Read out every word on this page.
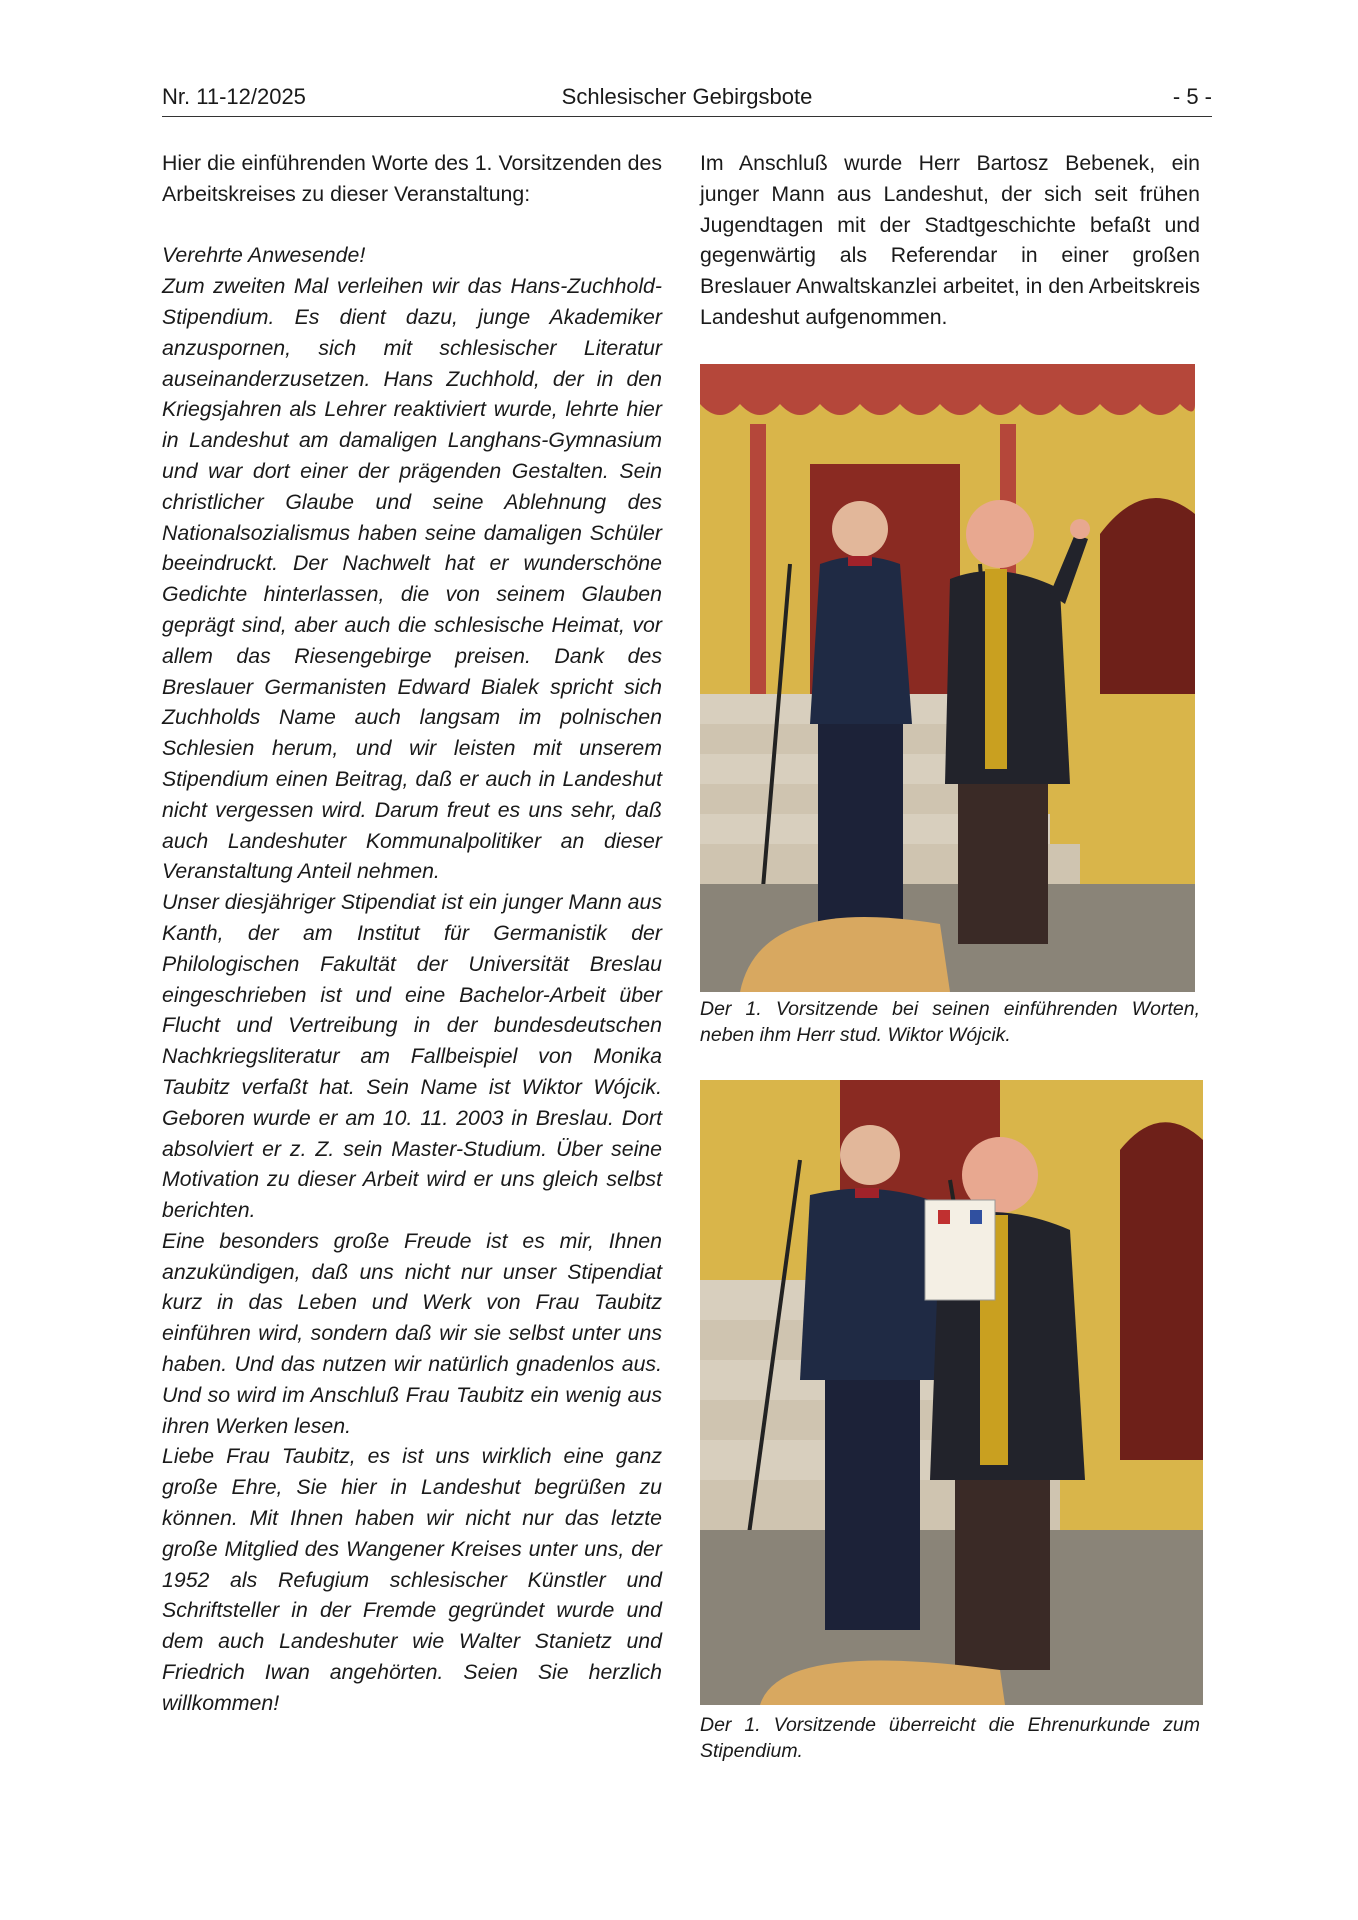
Nr. 11-12/2025	Schlesischer Gebirgsbote	- 5 -

Hier die einführenden Worte des 1. Vorsitzenden des Arbeitskreises zu dieser Veranstaltung:

Verehrte Anwesende!

Zum zweiten Mal verleihen wir das Hans-Zuchhold-Stipendium. Es dient dazu, junge Akademiker anzuspornen, sich mit schlesischer Literatur auseinanderzusetzen. Hans Zuchhold, der in den Kriegsjahren als Lehrer reaktiviert wurde, lehrte hier in Landeshut am damaligen Langhans-Gymnasium und war dort einer der prägenden Gestalten. Sein christlicher Glaube und seine Ablehnung des Nationalsozialismus haben seine damaligen Schüler beeindruckt. Der Nachwelt hat er wunderschöne Gedichte hinterlassen, die von seinem Glauben geprägt sind, aber auch die schlesische Heimat, vor allem das Riesengebirge preisen. Dank des Breslauer Germanisten Edward Bialek spricht sich Zuchholds Name auch langsam im polnischen Schlesien herum, und wir leisten mit unserem Stipendium einen Beitrag, daß er auch in Landeshut nicht vergessen wird. Darum freut es uns sehr, daß auch Landeshuter Kommunalpolitiker an dieser Veranstaltung Anteil nehmen.

Unser diesjähriger Stipendiat ist ein junger Mann aus Kanth, der am Institut für Germanistik der Philologischen Fakultät der Universität Breslau eingeschrieben ist und eine Bachelor-Arbeit über Flucht und Vertreibung in der bundesdeutschen Nachkriegsliteratur am Fallbeispiel von Monika Taubitz verfaßt hat. Sein Name ist Wiktor Wójcik. Geboren wurde er am 10. 11. 2003 in Breslau. Dort absolviert er z. Z. sein Master-Studium. Über seine Motivation zu dieser Arbeit wird er uns gleich selbst berichten.

Eine besonders große Freude ist es mir, Ihnen anzukündigen, daß uns nicht nur unser Stipendiat kurz in das Leben und Werk von Frau Taubitz einführen wird, sondern daß wir sie selbst unter uns haben. Und das nutzen wir natürlich gnadenlos aus. Und so wird im Anschluß Frau Taubitz ein wenig aus ihren Werken lesen.

Liebe Frau Taubitz, es ist uns wirklich eine ganz große Ehre, Sie hier in Landeshut begrüßen zu können. Mit Ihnen haben wir nicht nur das letzte große Mitglied des Wangener Kreises unter uns, der 1952 als Refugium schlesischer Künstler und Schriftsteller in der Fremde gegründet wurde und dem auch Landeshuter wie Walter Stanietz und Friedrich Iwan angehörten. Seien Sie herzlich willkommen!

Im Anschluß wurde Herr Bartosz Bebenek, ein junger Mann aus Landeshut, der sich seit frühen Jugendtagen mit der Stadtgeschichte befaßt und gegenwärtig als Referendar in einer großen Breslauer Anwaltskanzlei arbeitet, in den Arbeitskreis Landeshut aufgenommen.

Der 1. Vorsitzende bei seinen einführenden Worten, neben ihm Herr stud. Wiktor Wójcik.
Der 1. Vorsitzende überreicht die Ehrenurkunde zum Stipendium.
